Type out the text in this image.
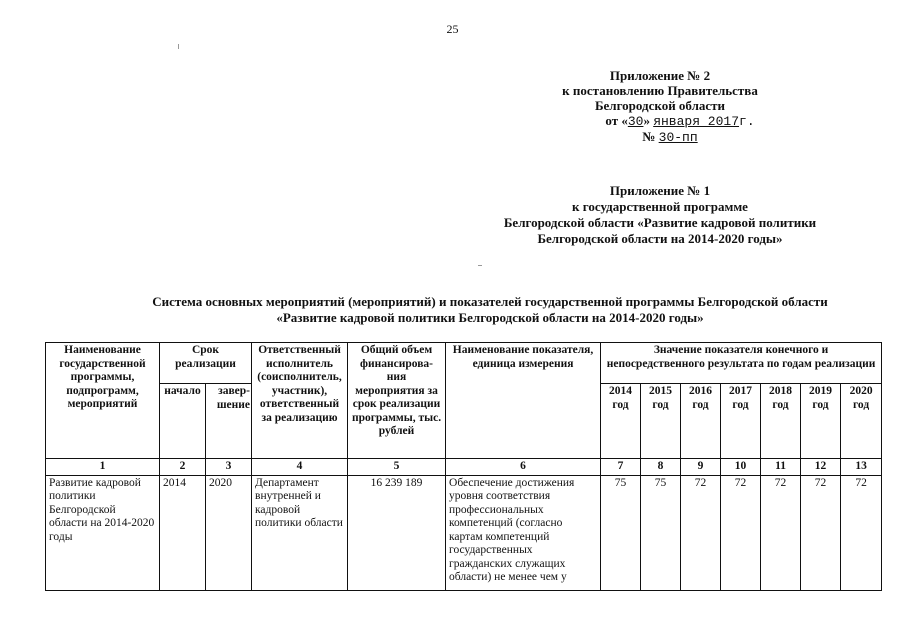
25
Приложение № 2
к постановлению Правительства
Белгородской области
от «30» января 2017г.
№ 30-пп
Приложение № 1
к государственной программе
Белгородской области «Развитие кадровой политики
Белгородской области на 2014-2020 годы»
Система основных мероприятий (мероприятий) и показателей государственной программы Белгородской области
«Развитие кадровой политики Белгородской области на 2014-2020 годы»
Наименование государственной программы, подпрограмм, мероприятий	Срок реализации		Ответственный исполнитель (соисполнитель, участник), ответственный за реализацию	Общий объем финансирова-ния мероприятия за срок реализации программы, тыс. рублей	Наименование показателя, единица измерения	Значение показателя конечного и непосредственного результата по годам реализации						
	начало	завер-шение				2014 год	2015 год	2016 год	2017 год	2018 год	2019 год	2020 год
1	2	3	4	5	6	7	8	9	10	11	12	13
Развитие кадровой политики Белгородской области на 2014-2020 годы	2014	2020	Департамент внутренней и кадровой политики области	16 239 189	Обеспечение достижения уровня соответствия профессиональных компетенций (согласно картам компетенций государственных гражданских служащих области) не менее чем у	75	75	72	72	72	72	72
